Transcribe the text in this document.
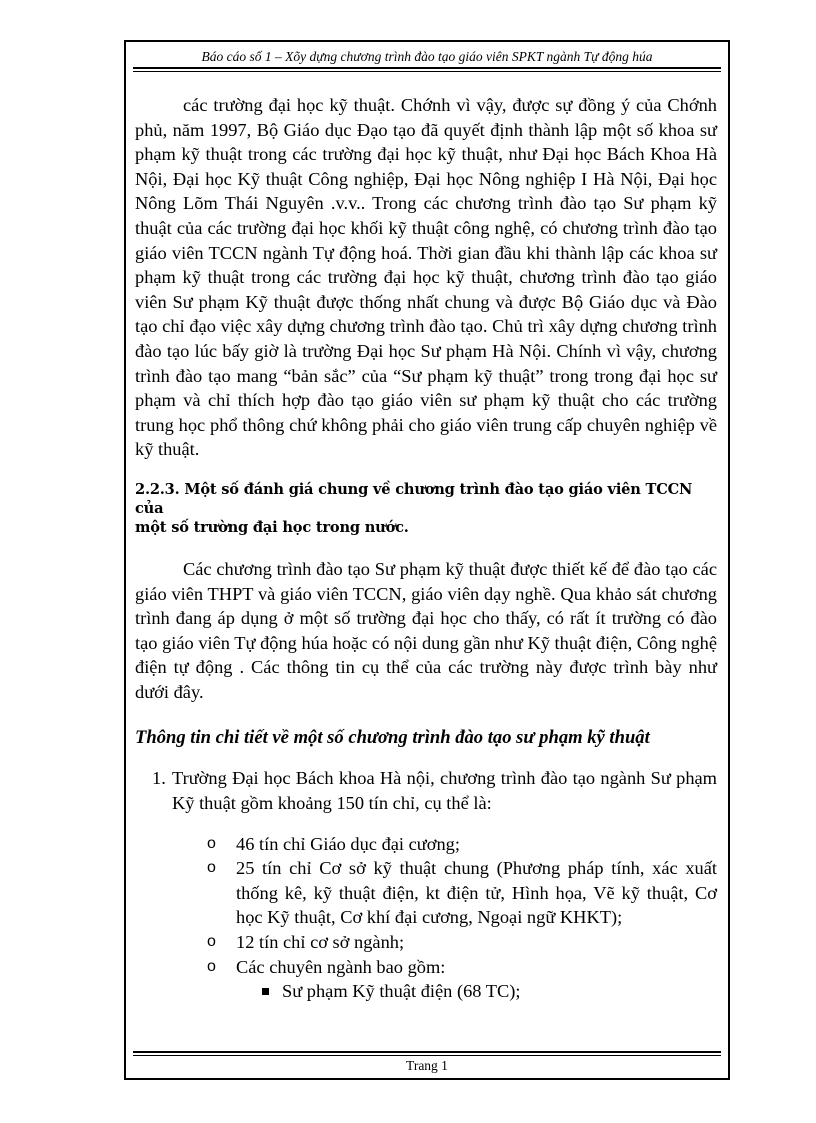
Báo cáo số 1 – Xõy dựng chương trình đào tạo giáo viên SPKT ngành Tự động húa

các trường đại học kỹ thuật. Chớnh vì vậy, được sự đồng ý của Chớnh phủ, năm 1997, Bộ Giáo dục Đạo tạo đã quyết định thành lập một số khoa sư phạm kỹ thuật trong các trường đại học kỹ thuật, như Đại học Bách Khoa Hà Nội, Đại học Kỹ thuật Công nghiệp, Đại học Nông nghiệp I Hà Nội, Đại học Nông Lõm Thái Nguyên .v.v.. Trong các chương trình đào tạo Sư phạm kỹ thuật của các trường đại học khối kỹ thuật công nghệ, có chương trình đào tạo giáo viên TCCN ngành Tự động hoá. Thời gian đầu khi thành lập các khoa sư phạm kỹ thuật trong các trường đại học kỹ thuật, chương trình đào tạo giáo viên Sư phạm Kỹ thuật được thống nhất chung và được Bộ Giáo dục và Đào tạo chỉ đạo việc xây dựng chương trình đào tạo. Chủ trì xây dựng chương trình đào tạo lúc bấy giờ là trường Đại học Sư phạm Hà Nội. Chính vì vậy, chương trình đào tạo mang “bản sắc” của “Sư phạm kỹ thuật” trong trong đại học sư phạm và chỉ thích hợp đào tạo giáo viên sư phạm kỹ thuật cho các trường trung học phổ thông chứ không phải cho giáo viên trung cấp chuyên nghiệp về kỹ thuật.

2.2.3. Một số đánh giá chung về chương trình đào tạo giáo viên TCCN của
một số trường đại học trong nước.

Các chương trình đào tạo Sư phạm kỹ thuật được thiết kế để đào tạo các giáo viên THPT và giáo viên TCCN, giáo viên dạy nghề. Qua khảo sát chương trình đang áp dụng ở một số trường đại học cho thấy, có rất ít trường có đào tạo giáo viên Tự động húa hoặc có nội dung gần như Kỹ thuật điện, Công nghệ điện tự động . Các thông tin cụ thể của các trường này được trình bày như dưới đây.

Thông tin chi tiết về một số chương trình đào tạo sư phạm kỹ thuật

1. Trường Đại học Bách khoa Hà nội, chương trình đào tạo ngành Sư phạm Kỹ thuật gồm khoảng 150 tín chỉ, cụ thể là:
o 46 tín chỉ Giáo dục đại cương;
o 25 tín chỉ Cơ sở kỹ thuật chung (Phương pháp tính, xác xuất thống kê, kỹ thuật điện, kt điện tử, Hình họa, Vẽ kỹ thuật, Cơ học Kỹ thuật, Cơ khí đại cương, Ngoại ngữ KHKT);
o 12 tín chỉ cơ sở ngành;
o Các chuyên ngành bao gồm:
Sư phạm Kỹ thuật điện (68 TC);
Trang 1
